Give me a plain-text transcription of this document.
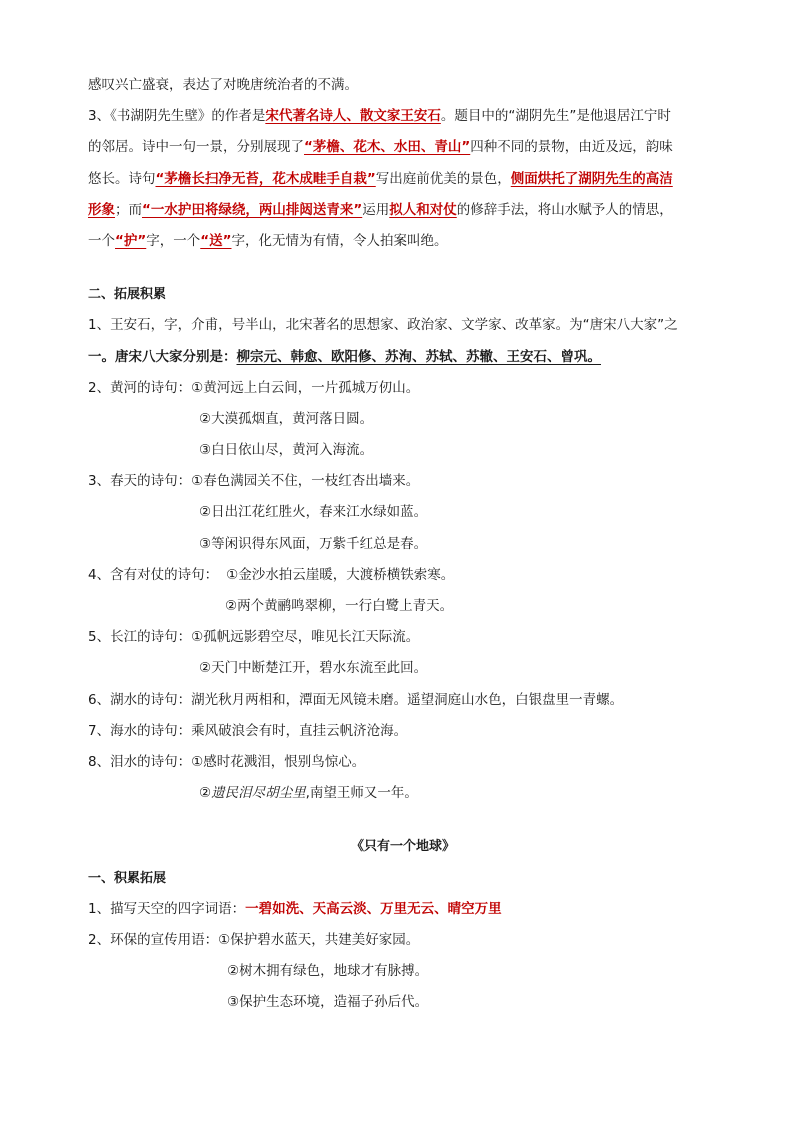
感叹兴亡盛衰，表达了对晚唐统治者的不满。
3、《书湖阴先生壁》的作者是宋代著名诗人、散文家王安石。题目中的“湖阴先生”是他退居江宁时
的邻居。诗中一句一景，分别展现了“茅檐、花木、水田、青山”四种不同的景物，由近及远，韵味
悠长。诗句“茅檐长扫净无苔，花木成畦手自栽”写出庭前优美的景色，侧面烘托了湖阴先生的高洁
形象；而“一水护田将绿绕，两山排闼送青来”运用拟人和对仗的修辞手法，将山水赋予人的情思，
一个“护”字，一个“送”字，化无情为有情，令人拍案叫绝。
二、拓展积累
1、王安石，字，介甫，号半山，北宋著名的思想家、政治家、文学家、改革家。为“唐宋八大家”之
一。唐宋八大家分别是：柳宗元、韩愈、欧阳修、苏洵、苏轼、苏辙、王安石、曾巩。
2、黄河的诗句：①黄河远上白云间，一片孤城万仞山。
②大漠孤烟直，黄河落日圆。
③白日依山尽，黄河入海流。
3、春天的诗句：①春色满园关不住，一枝红杏出墙来。
②日出江花红胜火，春来江水绿如蓝。
③等闲识得东风面，万紫千红总是春。
4、含有对仗的诗句： ①金沙水拍云崖暖，大渡桥横铁索寒。
②两个黄鹂鸣翠柳，一行白鹭上青天。
5、长江的诗句：①孤帆远影碧空尽，唯见长江天际流。
②天门中断楚江开，碧水东流至此回。
6、湖水的诗句：湖光秋月两相和，潭面无风镜未磨。遥望洞庭山水色，白银盘里一青螺。
7、海水的诗句：乘风破浪会有时，直挂云帆济沧海。
8、泪水的诗句：①感时花溅泪，恨别鸟惊心。
②遗民泪尽胡尘里,南望王师又一年。
《只有一个地球》
一、积累拓展
1、描写天空的四字词语：一碧如洗、天高云淡、万里无云、晴空万里
2、环保的宣传用语：①保护碧水蓝天，共建美好家园。
②树木拥有绿色，地球才有脉搏。
③保护生态环境，造福子孙后代。
